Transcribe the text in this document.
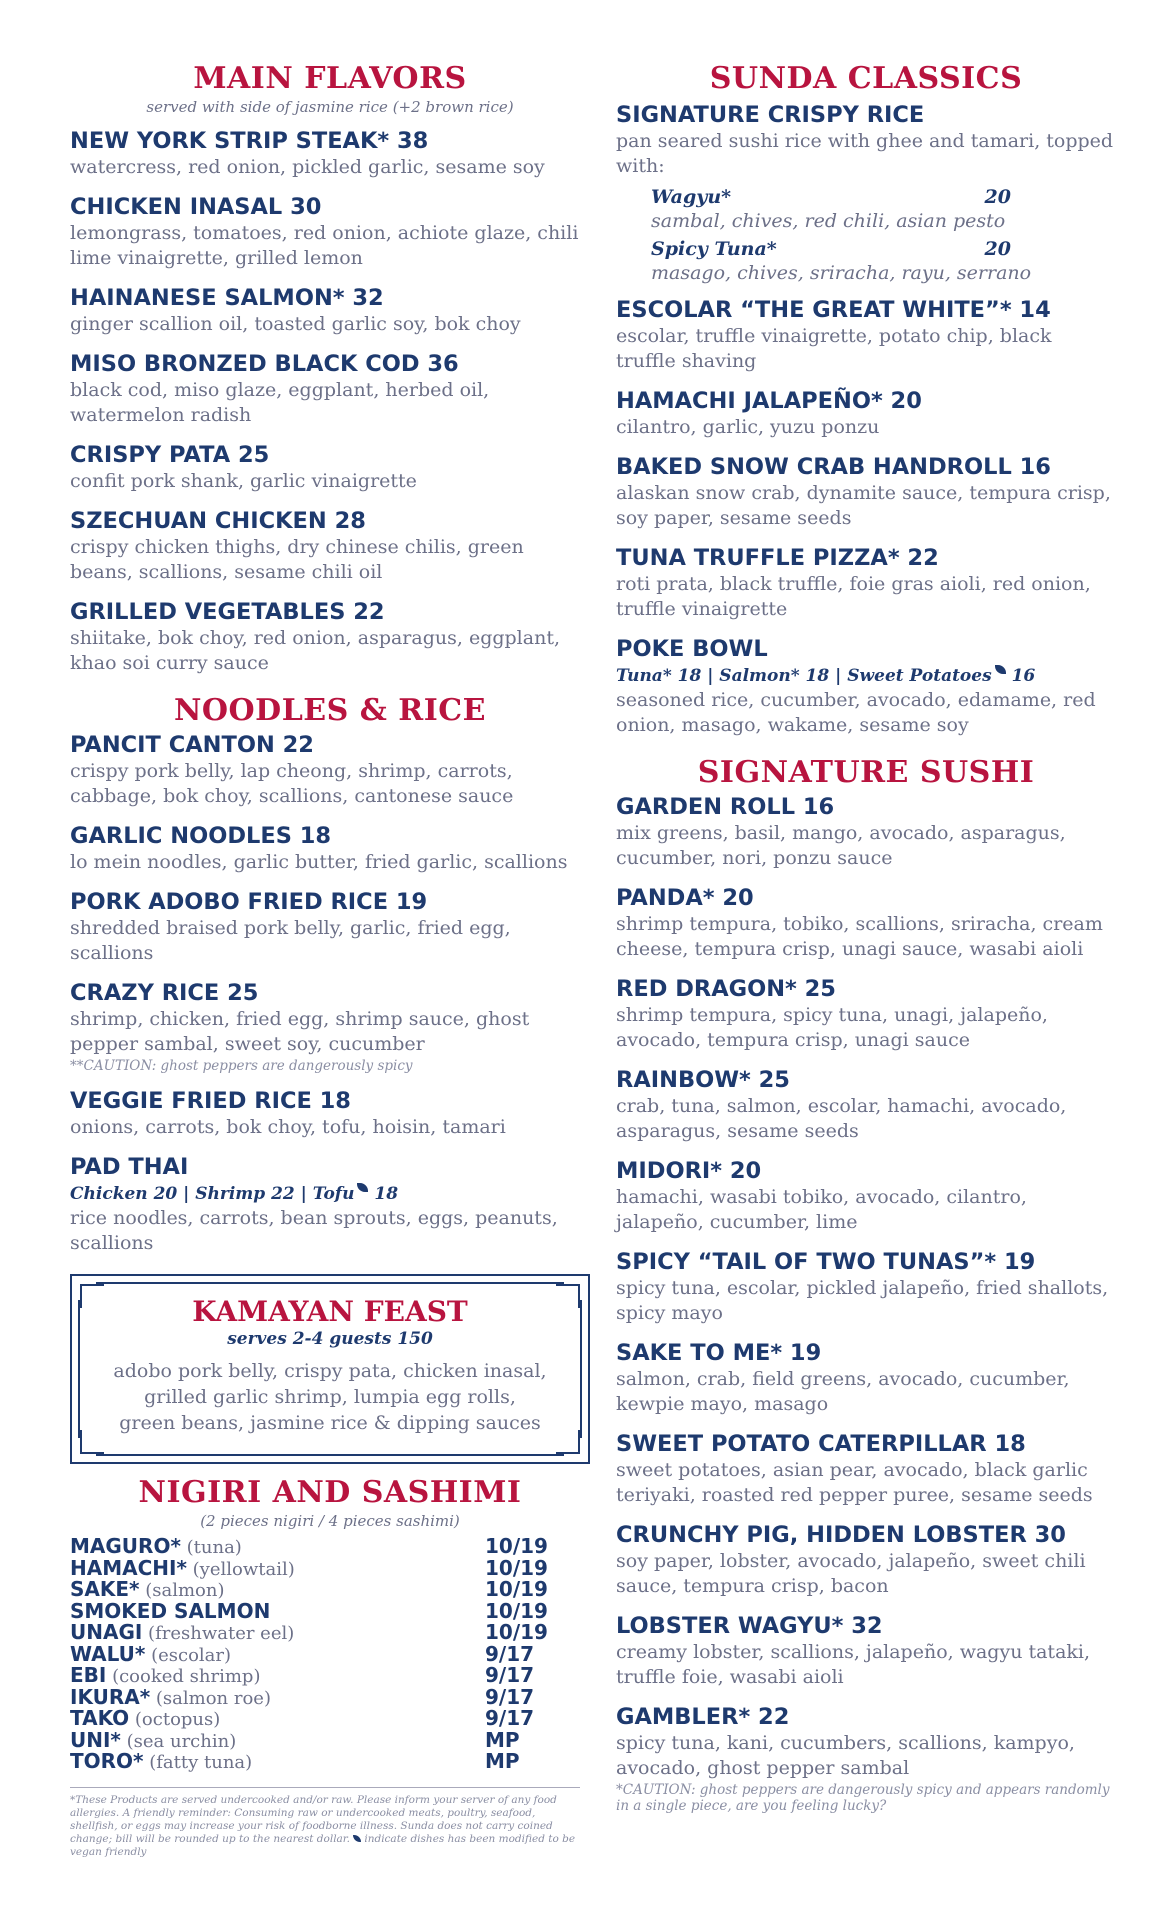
MAIN FLAVORS

served with side of jasmine rice (+2 brown rice)

NEW YORK STRIP STEAK* 38

watercress, red onion, pickled garlic, sesame soy

CHICKEN INASAL 30

lemongrass, tomatoes, red onion, achiote glaze, chili lime vinaigrette, grilled lemon

HAINANESE SALMON* 32

ginger scallion oil, toasted garlic soy, bok choy

MISO BRONZED BLACK COD 36

black cod, miso glaze, eggplant, herbed oil, watermelon radish

CRISPY PATA 25

confit pork shank, garlic vinaigrette

SZECHUAN CHICKEN 28

crispy chicken thighs, dry chinese chilis, green beans, scallions, sesame chili oil

GRILLED VEGETABLES 22

shiitake, bok choy, red onion, asparagus, eggplant, khao soi curry sauce

NOODLES & RICE

PANCIT CANTON 22

crispy pork belly, lap cheong, shrimp, carrots, cabbage, bok choy, scallions, cantonese sauce

GARLIC NOODLES 18

lo mein noodles, garlic butter, fried garlic, scallions

PORK ADOBO FRIED RICE 19

shredded braised pork belly, garlic, fried egg, scallions

CRAZY RICE 25

shrimp, chicken, fried egg, shrimp sauce, ghost pepper sambal, sweet soy, cucumber

**CAUTION: ghost peppers are dangerously spicy

VEGGIE FRIED RICE 18

onions, carrots, bok choy, tofu, hoisin, tamari

PAD THAI

Chicken 20 | Shrimp 22 | Tofu 18

rice noodles, carrots, bean sprouts, eggs, peanuts, scallions

KAMAYAN FEAST
serves 2-4 guests 150
adobo pork belly, crispy pata, chicken inasal,
grilled garlic shrimp, lumpia egg rolls,
green beans, jasmine rice & dipping sauces
NIGIRI AND SASHIMI

(2 pieces nigiri / 4 pieces sashimi)

MAGURO* (tuna)	10/19
HAMACHI* (yellowtail)	10/19
SAKE* (salmon)	10/19
SMOKED SALMON	10/19
UNAGI (freshwater eel)	10/19
WALU* (escolar)	9/17
EBI (cooked shrimp)	9/17
IKURA* (salmon roe)	9/17
TAKO (octopus)	9/17
UNI* (sea urchin)	MP
TORO* (fatty tuna)	MP
*These Products are served undercooked and/or raw. Please inform your server of any food allergies. A friendly reminder: Consuming raw or undercooked meats, poultry, seafood, shellfish, or eggs may increase your risk of foodborne illness. Sunda does not carry coined change; bill will be rounded up to the nearest dollar. indicate dishes has been modified to be vegan friendly
SUNDA CLASSICS

SIGNATURE CRISPY RICE

pan seared sushi rice with ghee and tamari, topped with:

Wagyu*	20

sambal, chives, red chili, asian pesto

Spicy Tuna*	20

masago, chives, sriracha, rayu, serrano

ESCOLAR “THE GREAT WHITE”* 14

escolar, truffle vinaigrette, potato chip, black truffle shaving

HAMACHI JALAPEÑO* 20

cilantro, garlic, yuzu ponzu

BAKED SNOW CRAB HANDROLL 16

alaskan snow crab, dynamite sauce, tempura crisp, soy paper, sesame seeds

TUNA TRUFFLE PIZZA* 22

roti prata, black truffle, foie gras aioli, red onion, truffle vinaigrette

POKE BOWL

Tuna* 18 | Salmon* 18 | Sweet Potatoes 16

seasoned rice, cucumber, avocado, edamame, red onion, masago, wakame, sesame soy

SIGNATURE SUSHI

GARDEN ROLL 16

mix greens, basil, mango, avocado, asparagus, cucumber, nori, ponzu sauce

PANDA* 20

shrimp tempura, tobiko, scallions, sriracha, cream cheese, tempura crisp, unagi sauce, wasabi aioli

RED DRAGON* 25

shrimp tempura, spicy tuna, unagi, jalapeño, avocado, tempura crisp, unagi sauce

RAINBOW* 25

crab, tuna, salmon, escolar, hamachi, avocado, asparagus, sesame seeds

MIDORI* 20

hamachi, wasabi tobiko, avocado, cilantro, jalapeño, cucumber, lime

SPICY “TAIL OF TWO TUNAS”* 19

spicy tuna, escolar, pickled jalapeño, fried shallots, spicy mayo

SAKE TO ME* 19

salmon, crab, field greens, avocado, cucumber, kewpie mayo, masago

SWEET POTATO CATERPILLAR 18

sweet potatoes, asian pear, avocado, black garlic teriyaki, roasted red pepper puree, sesame seeds

CRUNCHY PIG, HIDDEN LOBSTER 30

soy paper, lobster, avocado, jalapeño, sweet chili sauce, tempura crisp, bacon

LOBSTER WAGYU* 32

creamy lobster, scallions, jalapeño, wagyu tataki, truffle foie, wasabi aioli

GAMBLER* 22

spicy tuna, kani, cucumbers, scallions, kampyo, avocado, ghost pepper sambal

*CAUTION: ghost peppers are dangerously spicy and appears randomly in a single piece, are you feeling lucky?
